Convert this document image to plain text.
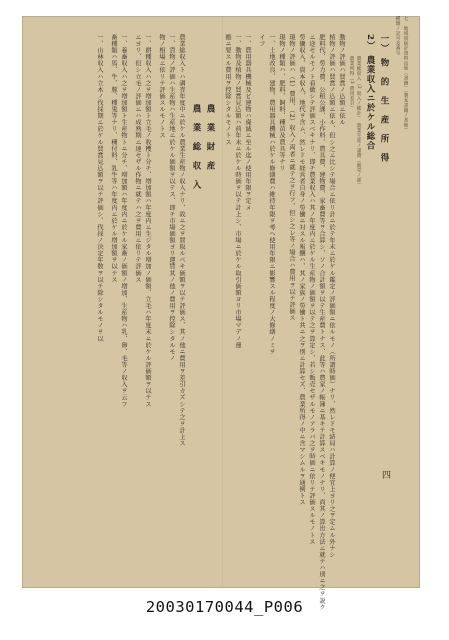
七　地域別統計資料出版（書籍）（製本書籍ノ其他）
種類ノ記号及番号
一）　物　的　生　産　所　得
2）　農業収入ニ於ケル総合
農業総収入（2 収入ノ総計）　農業生産ノ諸費（販売ノ部）
農業所得（3 費用差引）
動物ノ評価ハ買賞ノ込額ニ依ル
植物ノ評価ハ買賞ノ込額ニ依ル、但シ之ニ比シテ場合ニ依リ計ニ於テ年末ニ於ケル鑑定ノ評価額ニ依ルモノ（所謂時価）ナリ、然レドモ結局ハ計算ノ便宜上ヨリ之ヲ定ムル外ナシ
肥料代、勞力費、公租公課、小作料、農具費、建物費、家畜費等ヲ合算シ、ソノ合計額ヲ以テ生産費トナス、此等ハ農家ノ帳簿ニ基キテ計算スベキモノナリ、尚其ノ算出方法ニ就テハ別ニ之ヲ説ク
ニ途セルモノト看做シテ評価スベキナリ、即チ農業収入ハ其ノ年度内ニ於ケル生産物ノ価額ヲ以テ之ヲ算定シ、若シ販売セザルモノアラバ之ヲ時価ニ依リテ評価スルモノトス
勞働収入、資本収入、地代ヲ含ム、然レドモ経営者自身ノ勞働ニ対スル報酬ハ、其ノ家族ノ勞働ト共ニ之ヲ別ニ計算セズ、農業所得ノ中ニ含マシムルヲ通例トス
現物ノ評価ハ（1）費用、（2）収入ノ両者ニ就テ之ヲ行フ、但シ之レ等ノ場合ハ費用ヲ以テ評価ス
現物ノ種類ハ、肥料、飼料、種苗及農具等ナリ
一、土地改良、建物、農用器具機械ハ於ケル修繕費ハ維持年限ヲ考ヘ使用年限ニ影響スル程度ノ大修繕ノミヲ
イフ
一、農用器具機械及ビ建物ハ廃滅ニ至ル迄ノ使用年限ヲ定メ
一、動物及植物ノ買賞見込額ハ前年末ニ於ケル時価ヲ以テ計上シ、市場ニ於ケル取引価額ヨリ市場マデノ運
搬ニ要スル費用ヲ控除シタルモノトス
農　業　財　産
農　業　総　収　入
農業総収入トハ調査年度中ニ於ケル農業生産物ノ収入ナリ、故ニ之ヲ買取ルベキ価額ヲ以テ評価ス、其ノ他ニ費用ヲ差引カズシテ之ヲ計上ス
一、貨物ノ評価ハ生産物ハ生産地ニ於ケル価額ヲ以テス、即チ市場価額ヨリ運賃其ノ他ノ費用ヲ控除シタルモノ
物ノ相場ニ依リテ評価スルモノトス
一、耕種収入ハ之ヲ増加額ト立毛ノ收穫ト分チ、増加額ハ年度内ニ生ジタル増加ノ価額、立毛ハ年度末ニ於ケル評価額ヲ以テス
ニヨリ、但シ立毛ノ評価ニハ成熟期ニ達セザル作物ニ就テハ之ヲ費用ニ依リテ評価ス
一、養畜収入ハ之ヲ増加額ト生産物トニ分チ、増加額ハ年度内ニ於ケル家畜ノ価額ノ増加、生産物ハ乳、卵、毛等ノ収入ヲ云フ
畜種類ハ馬、牛、豚、種兎等ナリ、種付料、乳牛等ハ年度内ニ於ケル増加額ヲ以テス
一、山林収入ハ立木ノ伐採期ニ於ケル買賞見込額ヲ以テ評価シ、伐採ノ決定年数ヲ以テ除シタルモノヲ以
四
20030170044_P006
